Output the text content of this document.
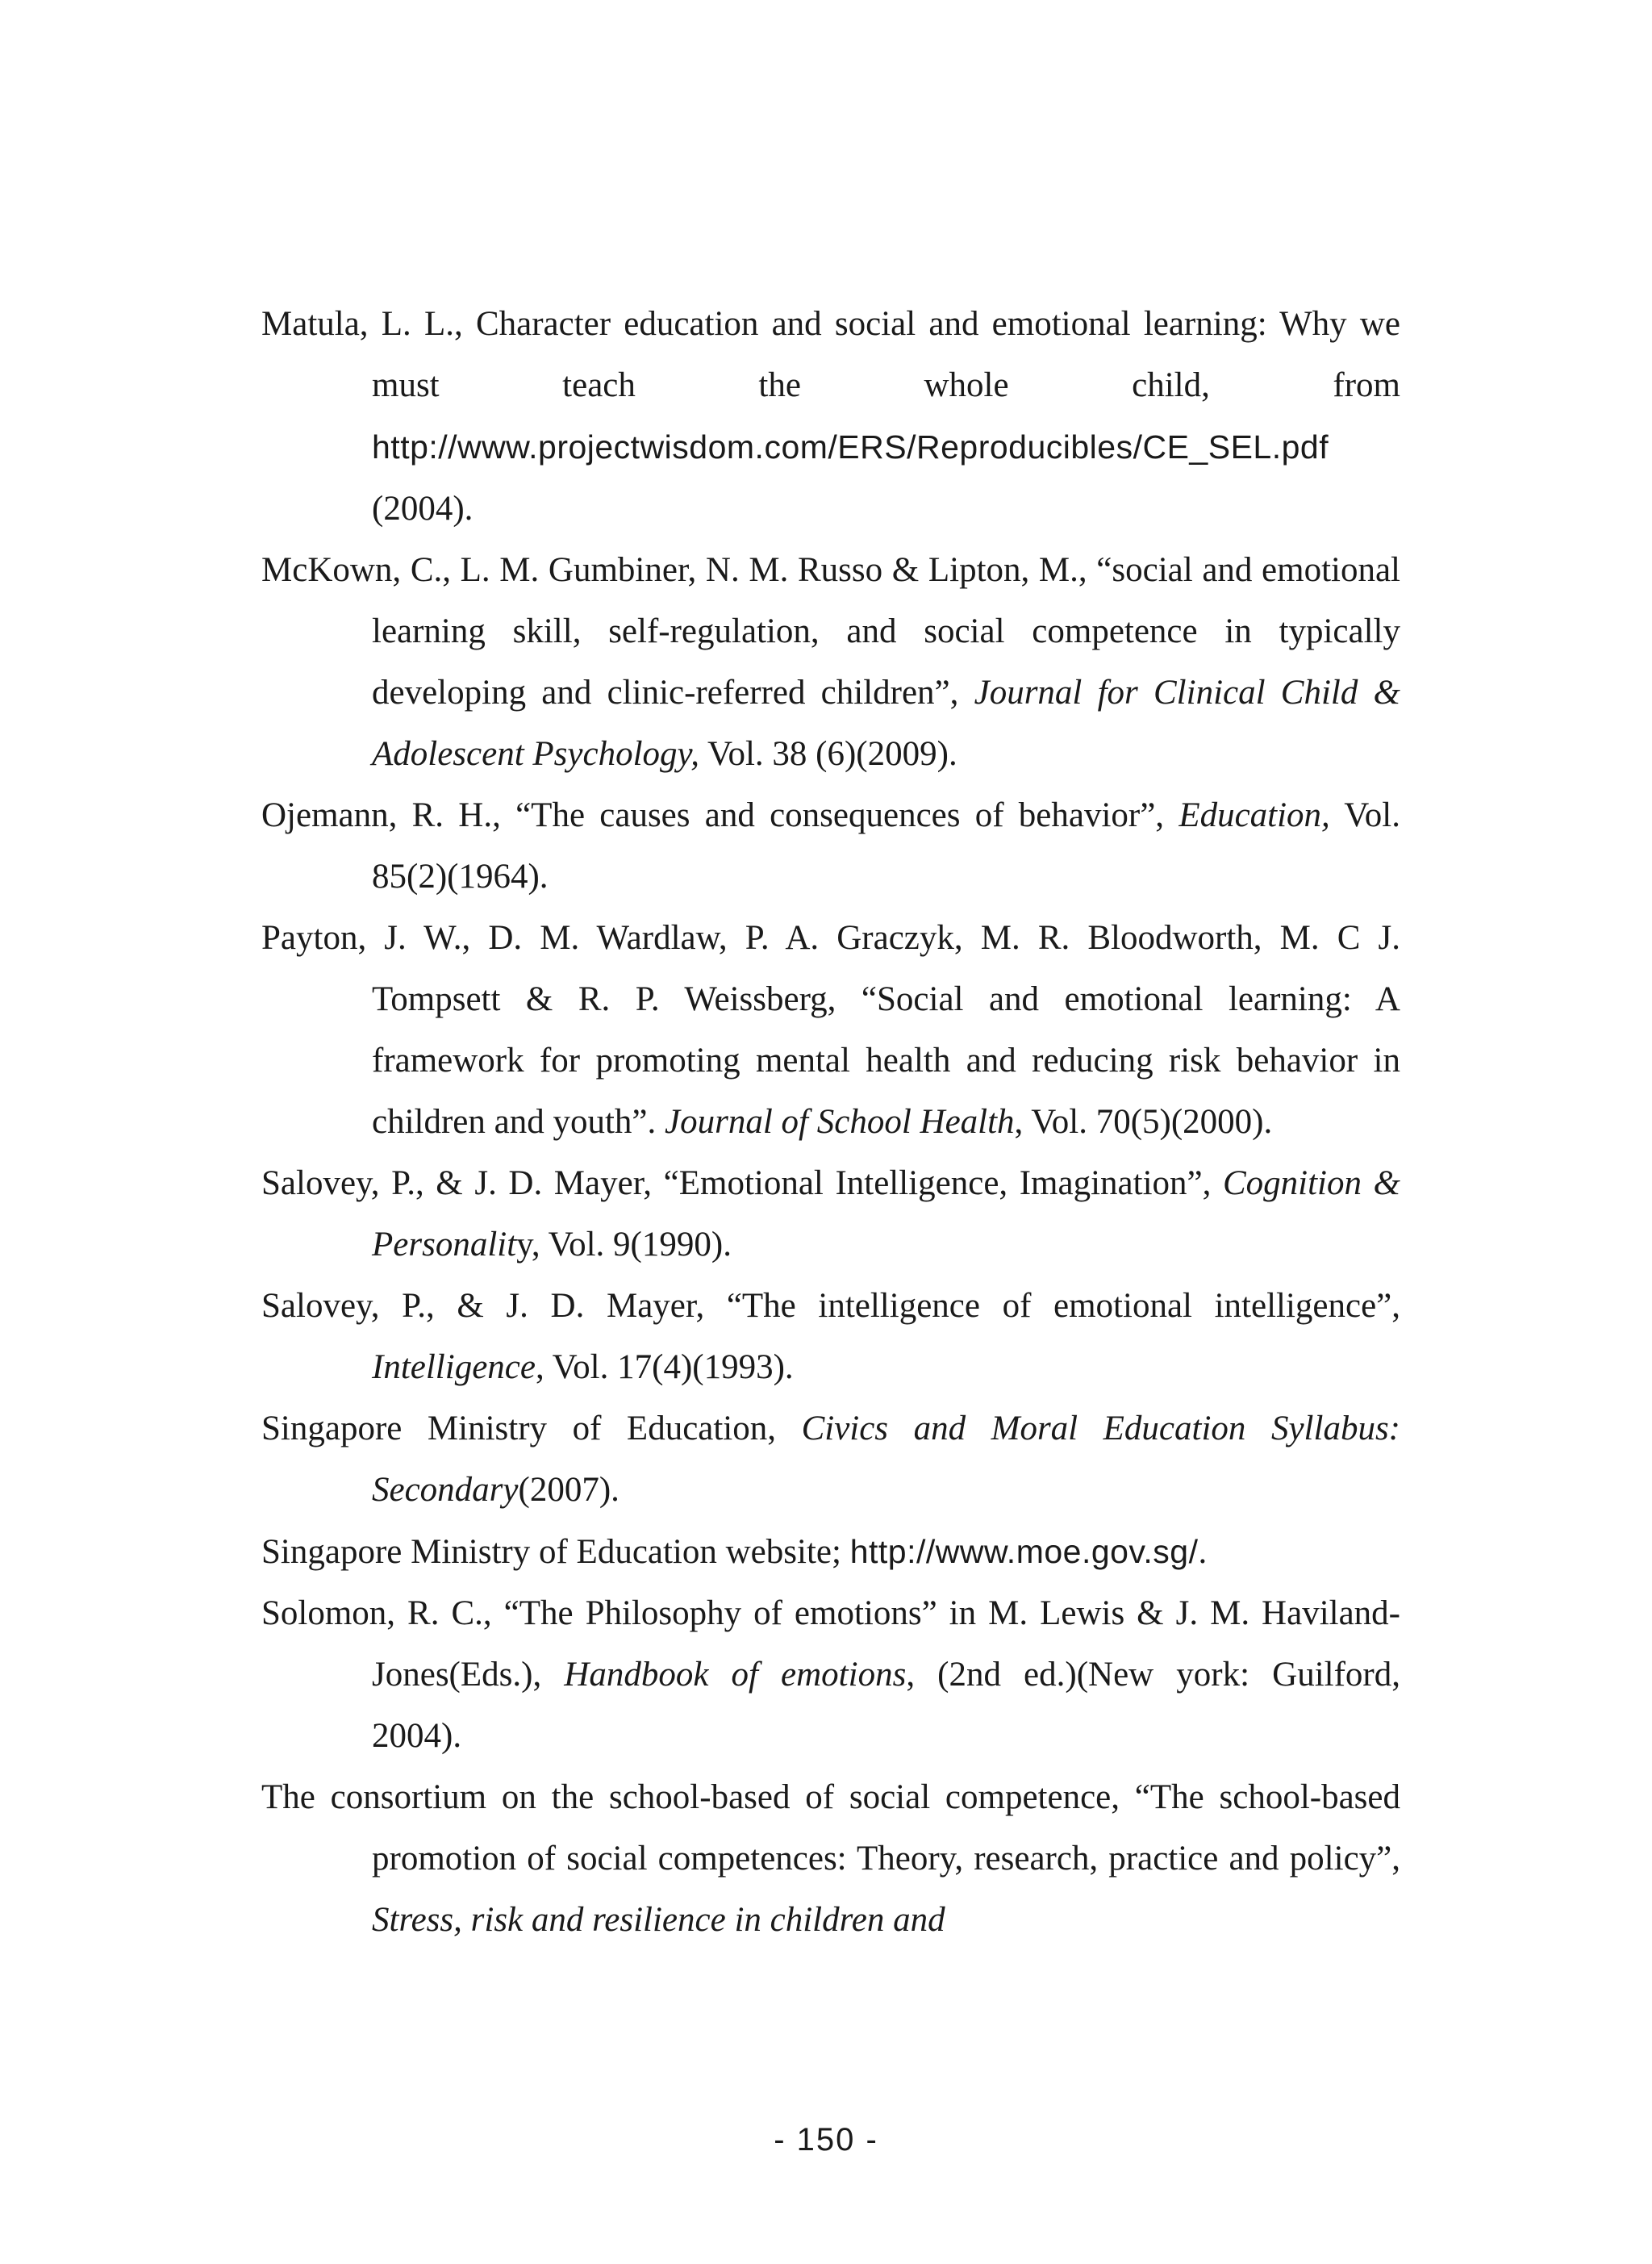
Matula, L. L., Character education and social and emotional learning: Why we must teach the whole child, from http://www.projectwisdom.com/ERS/Reproducibles/CE_SEL.pdf (2004).

McKown, C., L. M. Gumbiner, N. M. Russo & Lipton, M., “social and emotional learning skill, self-regulation, and social competence in typically developing and clinic-referred children”, Journal for Clinical Child & Adolescent Psychology, Vol. 38 (6)(2009).

Ojemann, R. H., “The causes and consequences of behavior”, Education, Vol. 85(2)(1964).

Payton, J. W., D. M. Wardlaw, P. A. Graczyk, M. R. Bloodworth, M. C J. Tompsett & R. P. Weissberg, “Social and emotional learning: A framework for promoting mental health and reducing risk behavior in children and youth”. Journal of School Health, Vol. 70(5)(2000).

Salovey, P., & J. D. Mayer, “Emotional Intelligence, Imagination”, Cognition & Personality, Vol. 9(1990).

Salovey, P., & J. D. Mayer, “The intelligence of emotional intelligence”, Intelligence, Vol. 17(4)(1993).

Singapore Ministry of Education, Civics and Moral Education Syllabus: Secondary(2007).

Singapore Ministry of Education website; http://www.moe.gov.sg/.

Solomon, R. C., “The Philosophy of emotions” in M. Lewis & J. M. Haviland-Jones(Eds.), Handbook of emotions, (2nd ed.)(New york: Guilford, 2004).

The consortium on the school-based of social competence, “The school-based promotion of social competences: Theory, research, practice and policy”, Stress, risk and resilience in children and

- 150 -
